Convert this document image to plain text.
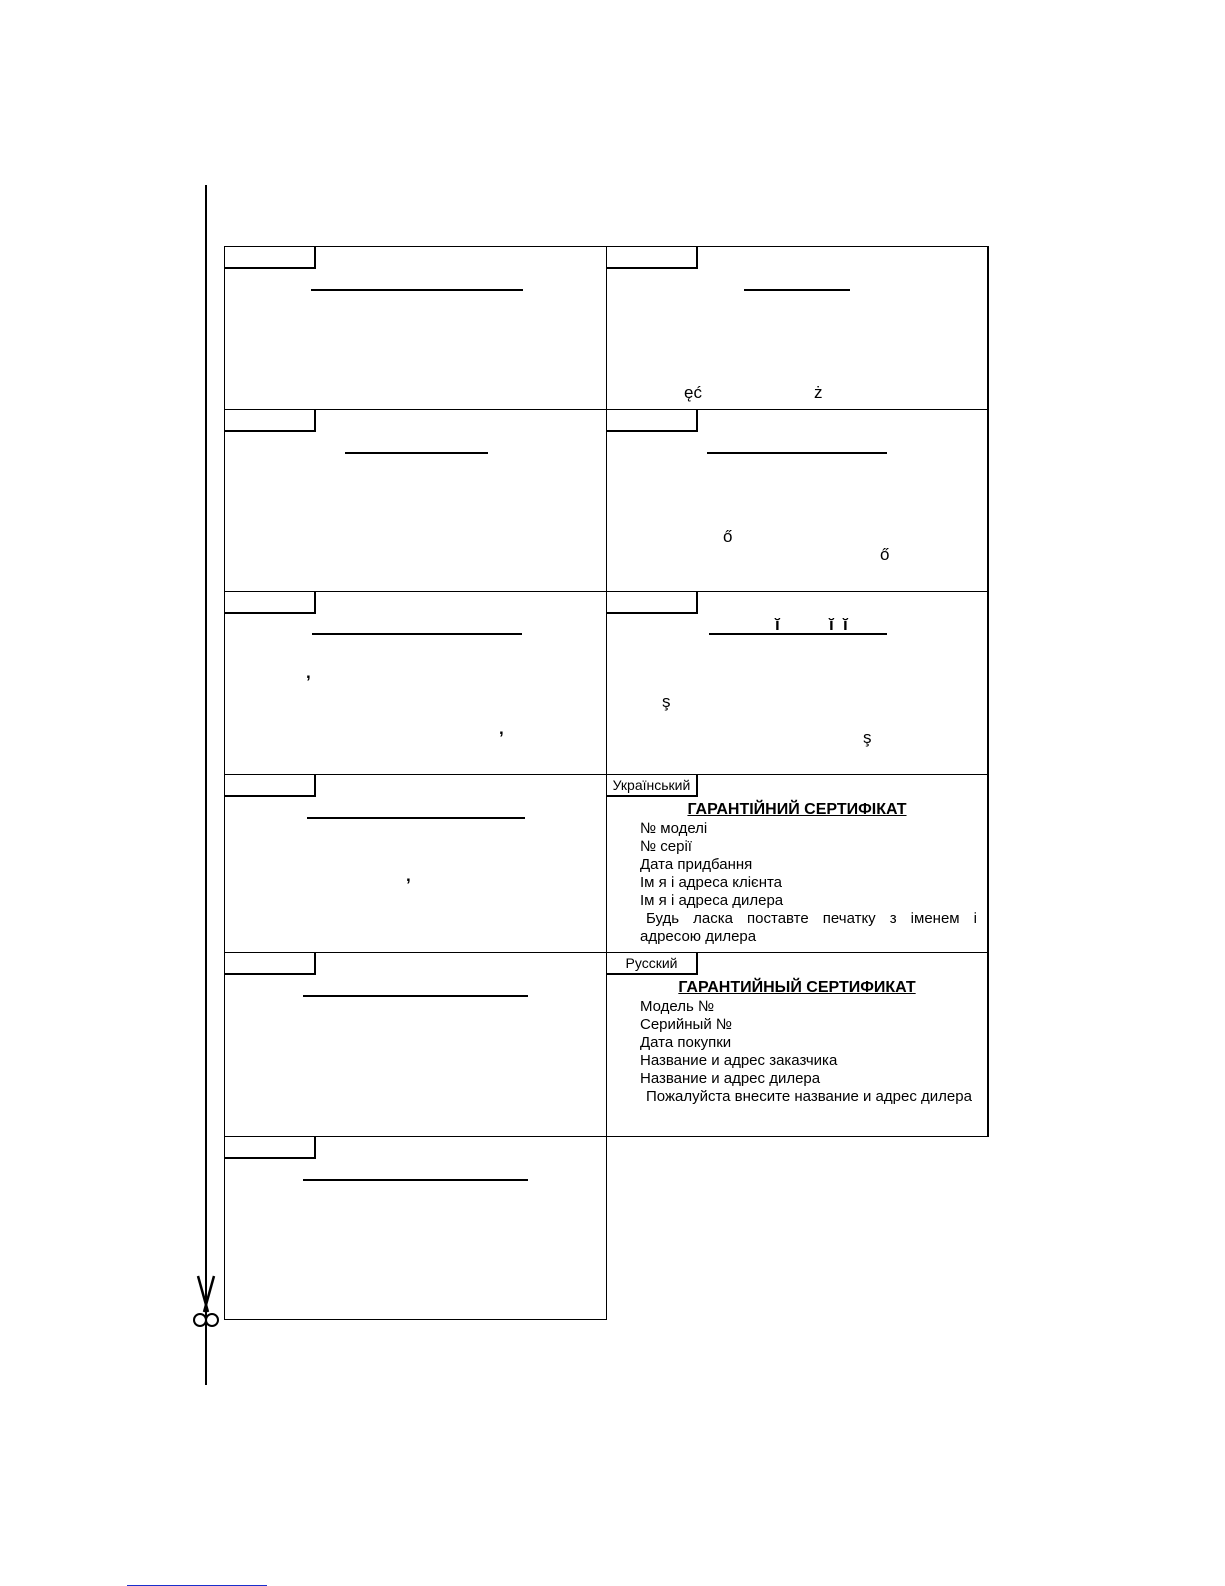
ęć	ż
ő
ő
,
,
ĭ	ĭ ĭ
ş
ş
,
Український
ГАРАНТІЙНИЙ СЕРТИФІКАТ
№ моделі
№ серії
Дата придбання
Ім я і адреса клієнта
Ім я і адреса дилера
Будь ласка поставте печатку з іменем і адресою дилера
Русский
ГАРАНТИЙНЫЙ СЕРТИФИКАТ
Модель №
Серийный №
Дата покупки
Название и адрес заказчика
Название и адрес дилера
Пожалуйста внесите название и адрес дилера
